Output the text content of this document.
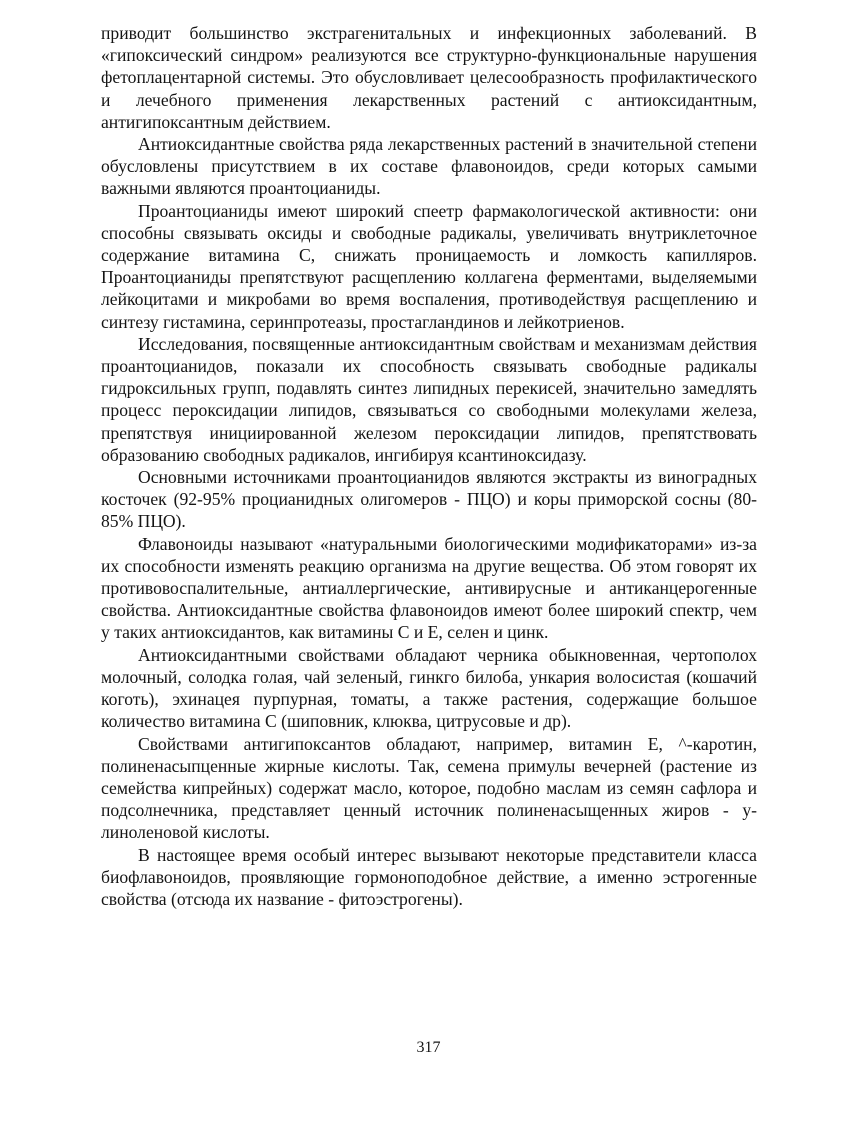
приводит большинство экстрагенитальных и инфекционных заболеваний. В «гипоксический синдром» реализуются все структурно-функциональные нарушения фетоплацентарной системы. Это обусловливает целесообразность профилактического и лечебного применения лекарственных растений с антиоксидантным, антигипоксантным действием.

Антиоксидантные свойства ряда лекарственных растений в значительной степени обусловлены присутствием в их составе флавоноидов, среди которых самыми важными являются проантоцианиды.

Проантоцианиды имеют широкий спеетр фармакологической активности: они способны связывать оксиды и свободные радикалы, увеличивать внутриклеточное содержание витамина С, снижать проницаемость и ломкость капилляров. Проантоцианиды препятствуют расщеплению коллагена ферментами, выделяемыми лейкоцитами и микробами во время воспаления, противодействуя расщеплению и синтезу гистамина, серинпротеазы, простагландинов и лейкотриенов.

Исследования, посвященные антиоксидантным свойствам и механизмам действия проантоцианидов, показали их способность связывать свободные радикалы гидроксильных групп, подавлять синтез липидных перекисей, значительно замедлять процесс пероксидации липидов, связываться со свободными молекулами железа, препятствуя инициированной железом пероксидации липидов, препятствовать образованию свободных радикалов, ингибируя ксантиноксидазу.

Основными источниками проантоцианидов являются экстракты из виноградных косточек (92-95% процианидных олигомеров - ПЦО) и коры приморской сосны (80-85% ПЦО).

Флавоноиды называют «натуральными биологическими модификаторами» из-за их способности изменять реакцию организма на другие вещества. Об этом говорят их противовоспалительные, антиаллергические, антивирусные и антиканцерогенные свойства. Антиоксидантные свойства флавоноидов имеют более широкий спектр, чем у таких антиоксидантов, как витамины С и Е, селен и цинк.

Антиоксидантными свойствами обладают черника обыкновенная, чертополох молочный, солодка голая, чай зеленый, гинкго билоба, ункария волосистая (кошачий коготь), эхинацея пурпурная, томаты, а также растения, содержащие большое количество витамина С (шиповник, клюква, цитрусовые и др).

Свойствами антигипоксантов обладают, например, витамин Е, ^-каротин, полиненасыпценные жирные кислоты. Так, семена примулы вечерней (растение из семейства кипрейных) содержат масло, которое, подобно маслам из семян сафлора и подсолнечника, представляет ценный источник полиненасыщенных жиров - у-линоленовой кислоты.

В настоящее время особый интерес вызывают некоторые представители класса биофлавоноидов, проявляющие гормоноподобное действие, а именно эстрогенные свойства (отсюда их название - фитоэстрогены).

317
